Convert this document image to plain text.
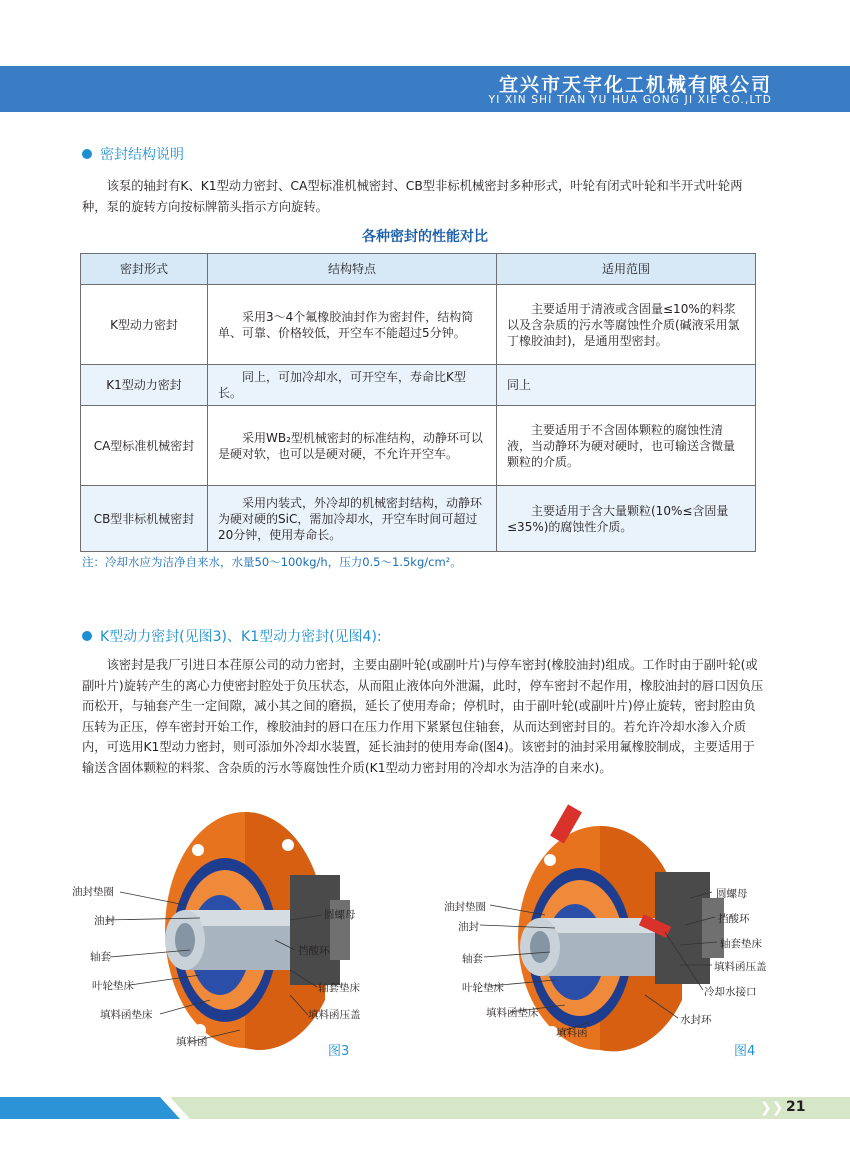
宜兴市天宇化工机械有限公司
YI XIN SHI TIAN YU HUA GONG JI XIE CO.,LTD
密封结构说明
该泵的轴封有K、K1型动力密封、CA型标准机械密封、CB型非标机械密封多种形式，叶轮有闭式叶轮和半开式叶轮两种，泵的旋转方向按标牌箭头指示方向旋转。
各种密封的性能对比
密封形式	结构特点	适用范围
K型动力密封	采用3～4个氟橡胶油封作为密封件，结构简单、可靠、价格较低，开空车不能超过5分钟。	主要适用于清液或含固量≤10%的料浆以及含杂质的污水等腐蚀性介质(碱液采用氯丁橡胶油封)，是通用型密封。
K1型动力密封	同上，可加冷却水，可开空车，寿命比K型长。	同上
CA型标准机械密封	采用WB₂型机械密封的标准结构，动静环可以是硬对软，也可以是硬对硬，不允许开空车。	主要适用于不含固体颗粒的腐蚀性清液，当动静环为硬对硬时，也可输送含微量颗粒的介质。
CB型非标机械密封	采用内装式，外冷却的机械密封结构，动静环为硬对硬的SiC，需加冷却水，开空车时间可超过20分钟，使用寿命长。	主要适用于含大量颗粒(10%≤含固量≤35%)的腐蚀性介质。
注：冷却水应为洁净自来水，水量50～100kg/h，压力0.5～1.5kg/cm²。
K型动力密封(见图3)、K1型动力密封(见图4):
该密封是我厂引进日本荏原公司的动力密封，主要由副叶轮(或副叶片)与停车密封(橡胶油封)组成。工作时由于副叶轮(或副叶片)旋转产生的离心力使密封腔处于负压状态，从而阻止液体向外泄漏，此时，停车密封不起作用，橡胶油封的唇口因负压而松开，与轴套产生一定间隙，减小其之间的磨损，延长了使用寿命；停机时，由于副叶轮(或副叶片)停止旋转，密封腔由负压转为正压，停车密封开始工作，橡胶油封的唇口在压力作用下紧紧包住轴套，从而达到密封目的。若允许冷却水渗入介质内，可选用K1型动力密封，则可添加外冷却水装置，延长油封的使用寿命(图4)。该密封的油封采用氟橡胶制成，主要适用于输送含固体颗粒的料浆、含杂质的污水等腐蚀性介质(K1型动力密封用的冷却水为洁净的自来水)。
油封垫圈
油封
轴套
叶轮垫床
填料函垫床
填料函
圆螺母
挡酸环
轴套垫床
填料函压盖
图3
油封垫圈
油封
轴套
叶轮垫床
填料函垫床
填料函
圆螺母
挡酸环
轴套垫床
填料函压盖
冷却水接口
水封环
图4
❯❯ 21
